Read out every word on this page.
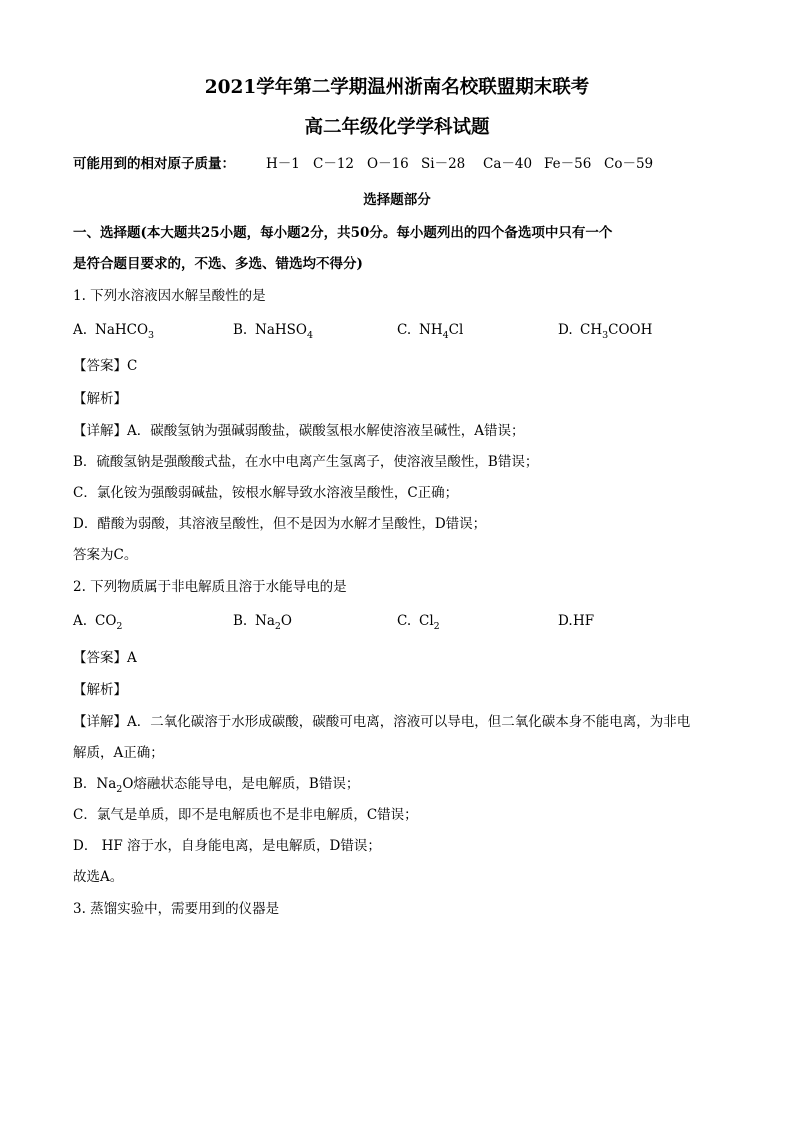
2021学年第二学期温州浙南名校联盟期末联考
高二年级化学学科试题
可能用到的相对原子质量： H－1 C－12 O－16 Si－28 Ca－40 Fe－56 Co－59
选择题部分
一、选择题(本大题共25小题，每小题2分，共50分。每小题列出的四个备选项中只有一个
是符合题目要求的，不选、多选、错选均不得分)
1. 下列水溶液因水解呈酸性的是
A. NaHCO$_3$	B. NaHSO$_4$	C. $NH_4Cl$	D. $CH_3COOH$
【答案】C
【解析】
【详解】A．碳酸氢钠为强碱弱酸盐，碳酸氢根水解使溶液呈碱性，A错误；
B．硫酸氢钠是强酸酸式盐，在水中电离产生氢离子，使溶液呈酸性，B错误；
C．氯化铵为强酸弱碱盐，铵根水解导致水溶液呈酸性，C正确；
D．醋酸为弱酸，其溶液呈酸性，但不是因为水解才呈酸性，D错误；
答案为C。
2. 下列物质属于非电解质且溶于水能导电的是
A. $CO_2$	B. $Na_2O$	C. $Cl_2$	D.HF
【答案】A
【解析】
【详解】A．二氧化碳溶于水形成碳酸，碳酸可电离，溶液可以导电，但二氧化碳本身不能电离，为非电
解质，A正确；
B．$Na_2O$熔融状态能导电，是电解质，B错误；
C．氯气是单质，即不是电解质也不是非电解质，C错误；
D． HF 溶于水，自身能电离，是电解质，D错误；
故选A。
3. 蒸馏实验中，需要用到的仪器是
